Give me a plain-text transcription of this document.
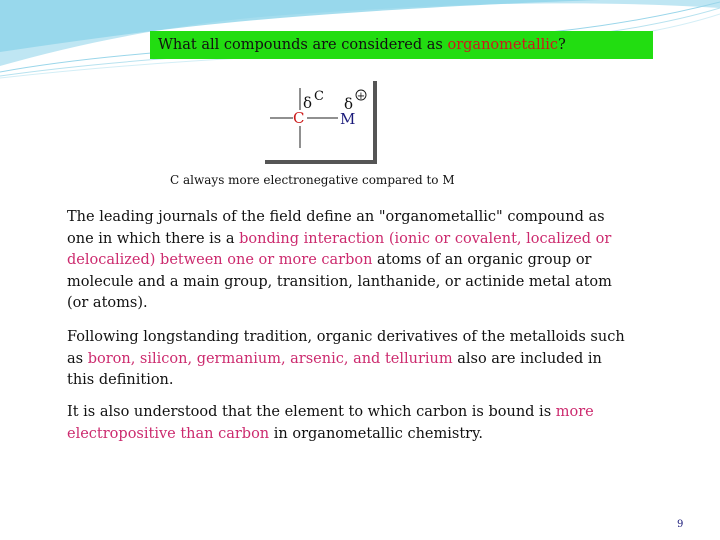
What all compounds are considered as organometallic?
δ C δ +
C M
C always more electronegative compared to M

The leading journals of the field define an "organometallic" compound as one in which there is a bonding interaction (ionic or covalent, localized or delocalized) between one or more carbon atoms of an organic group or molecule and a main group, transition, lanthanide, or actinide metal atom (or atoms).

Following longstanding tradition, organic derivatives of the metalloids such as boron, silicon, germanium, arsenic, and tellurium also are included in this definition.

It is also understood that the element to which carbon is bound is more electropositive than carbon in organometallic chemistry.

9
